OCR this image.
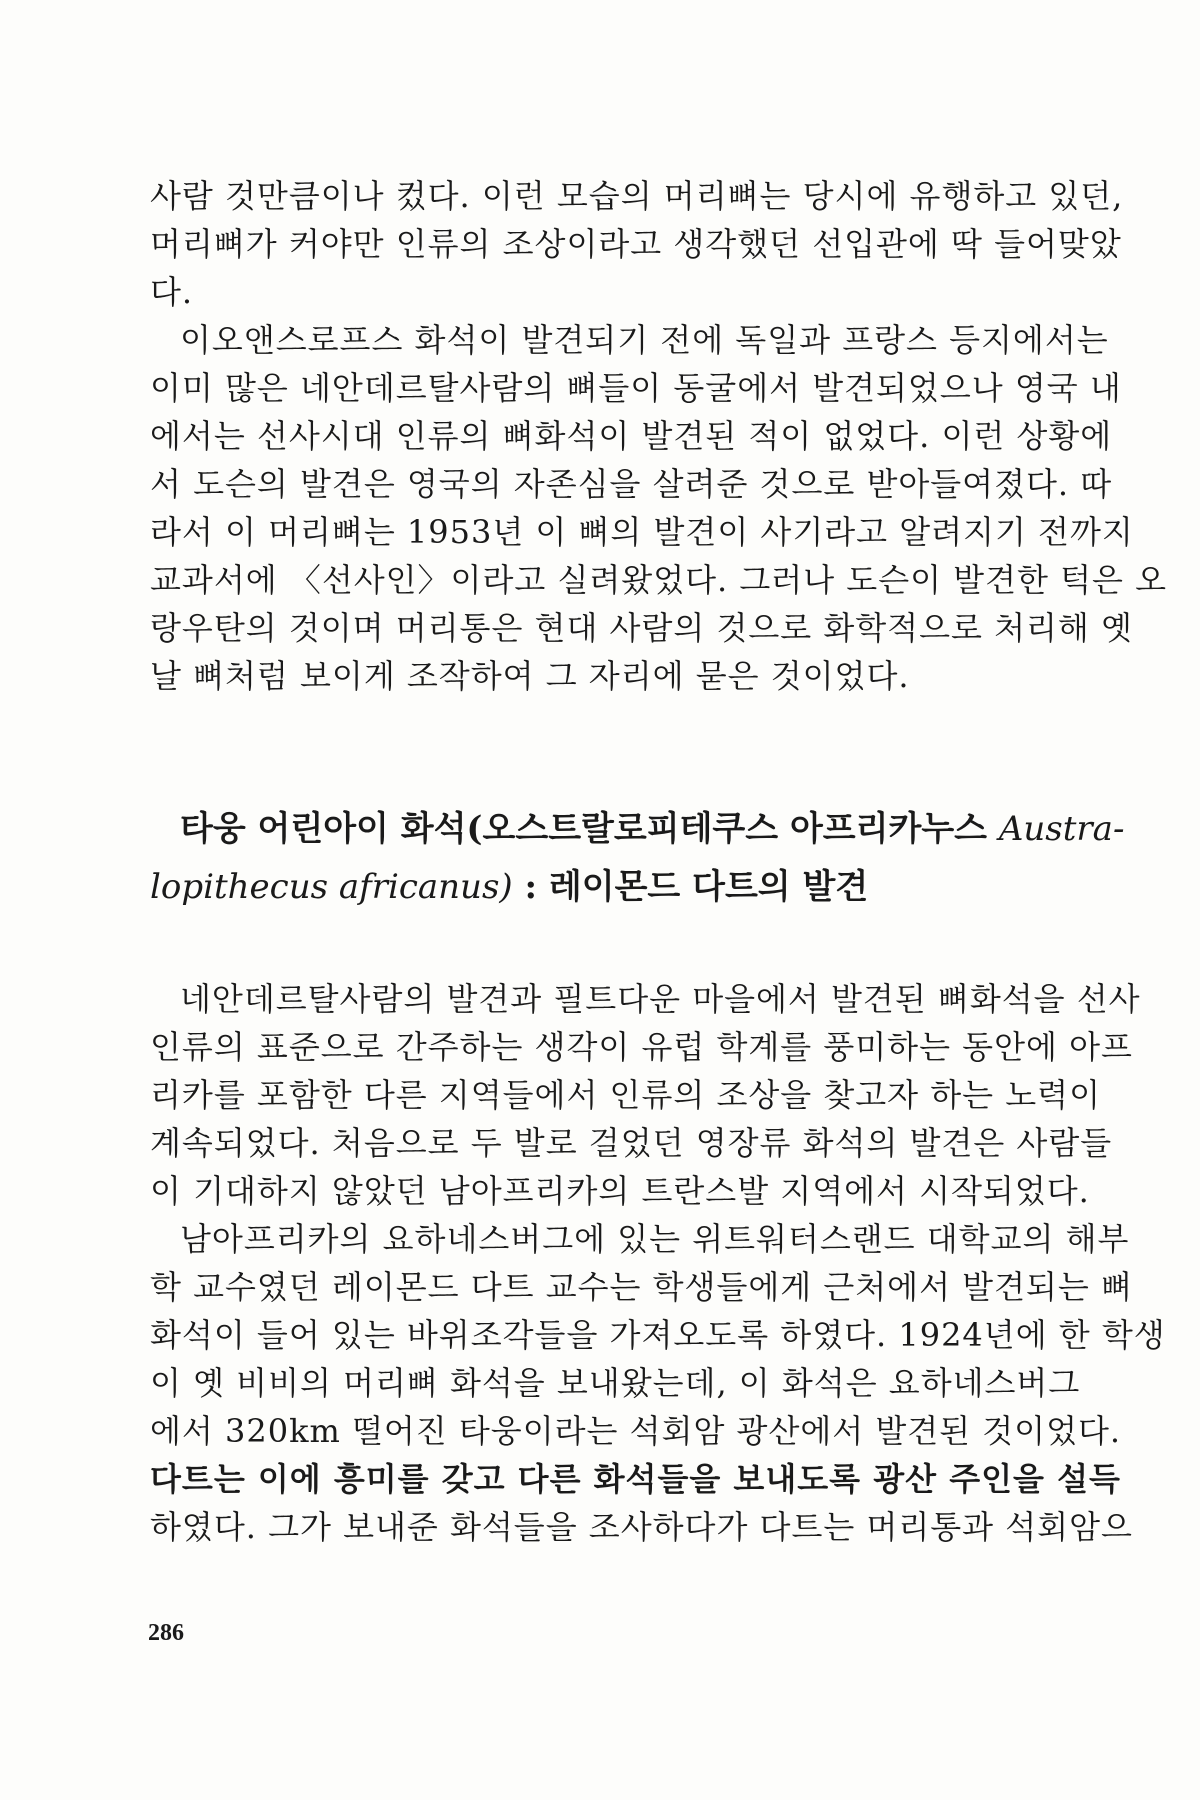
사람 것만큼이나 컸다. 이런 모습의 머리뼈는 당시에 유행하고 있던,
머리뼈가 커야만 인류의 조상이라고 생각했던 선입관에 딱 들어맞았
다.
이오앤스로프스 화석이 발견되기 전에 독일과 프랑스 등지에서는
이미 많은 네안데르탈사람의 뼈들이 동굴에서 발견되었으나 영국 내
에서는 선사시대 인류의 뼈화석이 발견된 적이 없었다. 이런 상황에
서 도슨의 발견은 영국의 자존심을 살려준 것으로 받아들여졌다. 따
라서 이 머리뼈는 1953년 이 뼈의 발견이 사기라고 알려지기 전까지
교과서에 〈선사인〉이라고 실려왔었다. 그러나 도슨이 발견한 턱은 오
랑우탄의 것이며 머리통은 현대 사람의 것으로 화학적으로 처리해 옛
날 뼈처럼 보이게 조작하여 그 자리에 묻은 것이었다.
타웅 어린아이 화석(오스트랄로피테쿠스 아프리카누스 Austra-
lopithecus africanus) : 레이몬드 다트의 발견
네안데르탈사람의 발견과 필트다운 마을에서 발견된 뼈화석을 선사
인류의 표준으로 간주하는 생각이 유럽 학계를 풍미하는 동안에 아프
리카를 포함한 다른 지역들에서 인류의 조상을 찾고자 하는 노력이
계속되었다. 처음으로 두 발로 걸었던 영장류 화석의 발견은 사람들
이 기대하지 않았던 남아프리카의 트란스발 지역에서 시작되었다.
남아프리카의 요하네스버그에 있는 위트워터스랜드 대학교의 해부
학 교수였던 레이몬드 다트 교수는 학생들에게 근처에서 발견되는 뼈
화석이 들어 있는 바위조각들을 가져오도록 하였다. 1924년에 한 학생
이 옛 비비의 머리뼈 화석을 보내왔는데, 이 화석은 요하네스버그
에서 320km 떨어진 타웅이라는 석회암 광산에서 발견된 것이었다.
다트는 이에 흥미를 갖고 다른 화석들을 보내도록 광산 주인을 설득
하였다. 그가 보내준 화석들을 조사하다가 다트는 머리통과 석회암으
286
